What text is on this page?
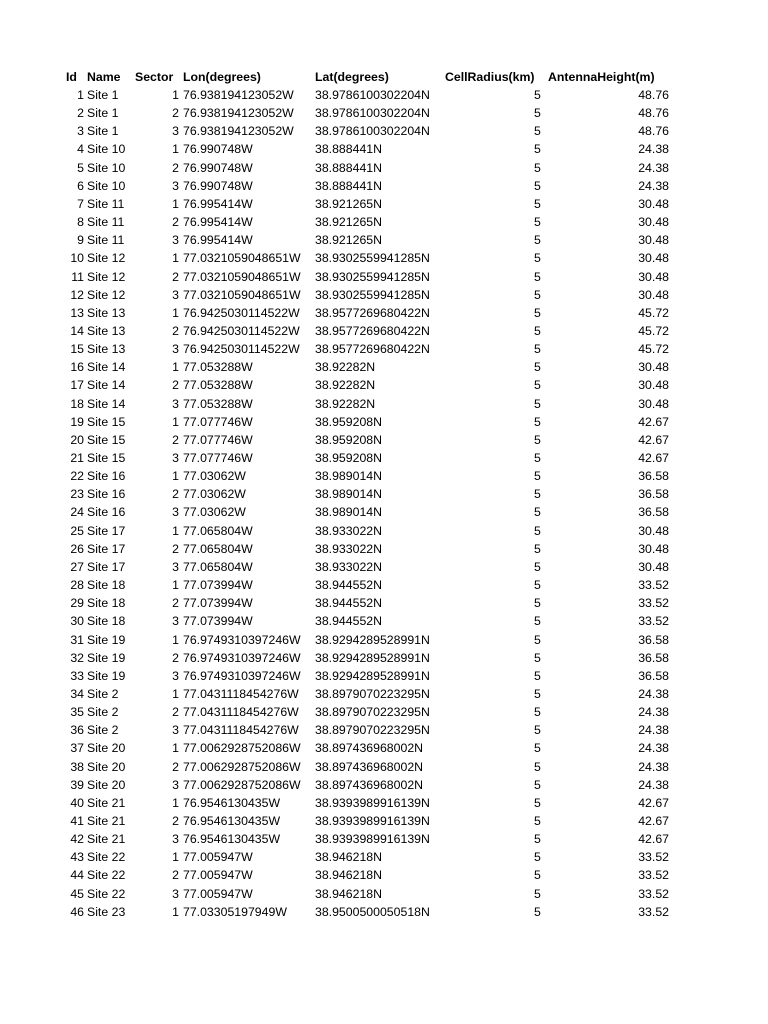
Id Name Sector Lon(degrees)	Lat(degrees)	CellRadius(km) AntennaHeight(m)
1 Site 1	1 76.938194123052W 38.9786100302204N	5	48.76
2 Site 1	2 76.938194123052W 38.9786100302204N	5	48.76
3 Site 1	3 76.938194123052W 38.9786100302204N	5	48.76
4 Site 10	1 76.990748W	38.888441N	5	24.38
5 Site 10	2 76.990748W	38.888441N	5	24.38
6 Site 10	3 76.990748W	38.888441N	5	24.38
7 Site 11	1 76.995414W	38.921265N	5	30.48
8 Site 11	2 76.995414W	38.921265N	5	30.48
9 Site 11	3 76.995414W	38.921265N	5	30.48
10 Site 12	1 77.0321059048651W 38.9302559941285N	5	30.48
11 Site 12	2 77.0321059048651W 38.9302559941285N	5	30.48
12 Site 12	3 77.0321059048651W 38.9302559941285N	5	30.48
13 Site 13	1 76.9425030114522W 38.9577269680422N	5	45.72
14 Site 13	2 76.9425030114522W 38.9577269680422N	5	45.72
15 Site 13	3 76.9425030114522W 38.9577269680422N	5	45.72
16 Site 14	1 77.053288W	38.92282N	5	30.48
17 Site 14	2 77.053288W	38.92282N	5	30.48
18 Site 14	3 77.053288W	38.92282N	5	30.48
19 Site 15	1 77.077746W	38.959208N	5	42.67
20 Site 15	2 77.077746W	38.959208N	5	42.67
21 Site 15	3 77.077746W	38.959208N	5	42.67
22 Site 16	1 77.03062W	38.989014N	5	36.58
23 Site 16	2 77.03062W	38.989014N	5	36.58
24 Site 16	3 77.03062W	38.989014N	5	36.58
25 Site 17	1 77.065804W	38.933022N	5	30.48
26 Site 17	2 77.065804W	38.933022N	5	30.48
27 Site 17	3 77.065804W	38.933022N	5	30.48
28 Site 18	1 77.073994W	38.944552N	5	33.52
29 Site 18	2 77.073994W	38.944552N	5	33.52
30 Site 18	3 77.073994W	38.944552N	5	33.52
31 Site 19	1 76.9749310397246W 38.9294289528991N	5	36.58
32 Site 19	2 76.9749310397246W 38.9294289528991N	5	36.58
33 Site 19	3 76.9749310397246W 38.9294289528991N	5	36.58
34 Site 2	1 77.0431118454276W 38.8979070223295N	5	24.38
35 Site 2	2 77.0431118454276W 38.8979070223295N	5	24.38
36 Site 2	3 77.0431118454276W 38.8979070223295N	5	24.38
37 Site 20	1 77.0062928752086W 38.897436968002N	5	24.38
38 Site 20	2 77.0062928752086W 38.897436968002N	5	24.38
39 Site 20	3 77.0062928752086W 38.897436968002N	5	24.38
40 Site 21	1 76.9546130435W	38.9393989916139N	5	42.67
41 Site 21	2 76.9546130435W	38.9393989916139N	5	42.67
42 Site 21	3 76.9546130435W	38.9393989916139N	5	42.67
43 Site 22	1 77.005947W	38.946218N	5	33.52
44 Site 22	2 77.005947W	38.946218N	5	33.52
45 Site 22	3 77.005947W	38.946218N	5	33.52
46 Site 23	1 77.03305197949W 38.9500500050518N	5	33.52
